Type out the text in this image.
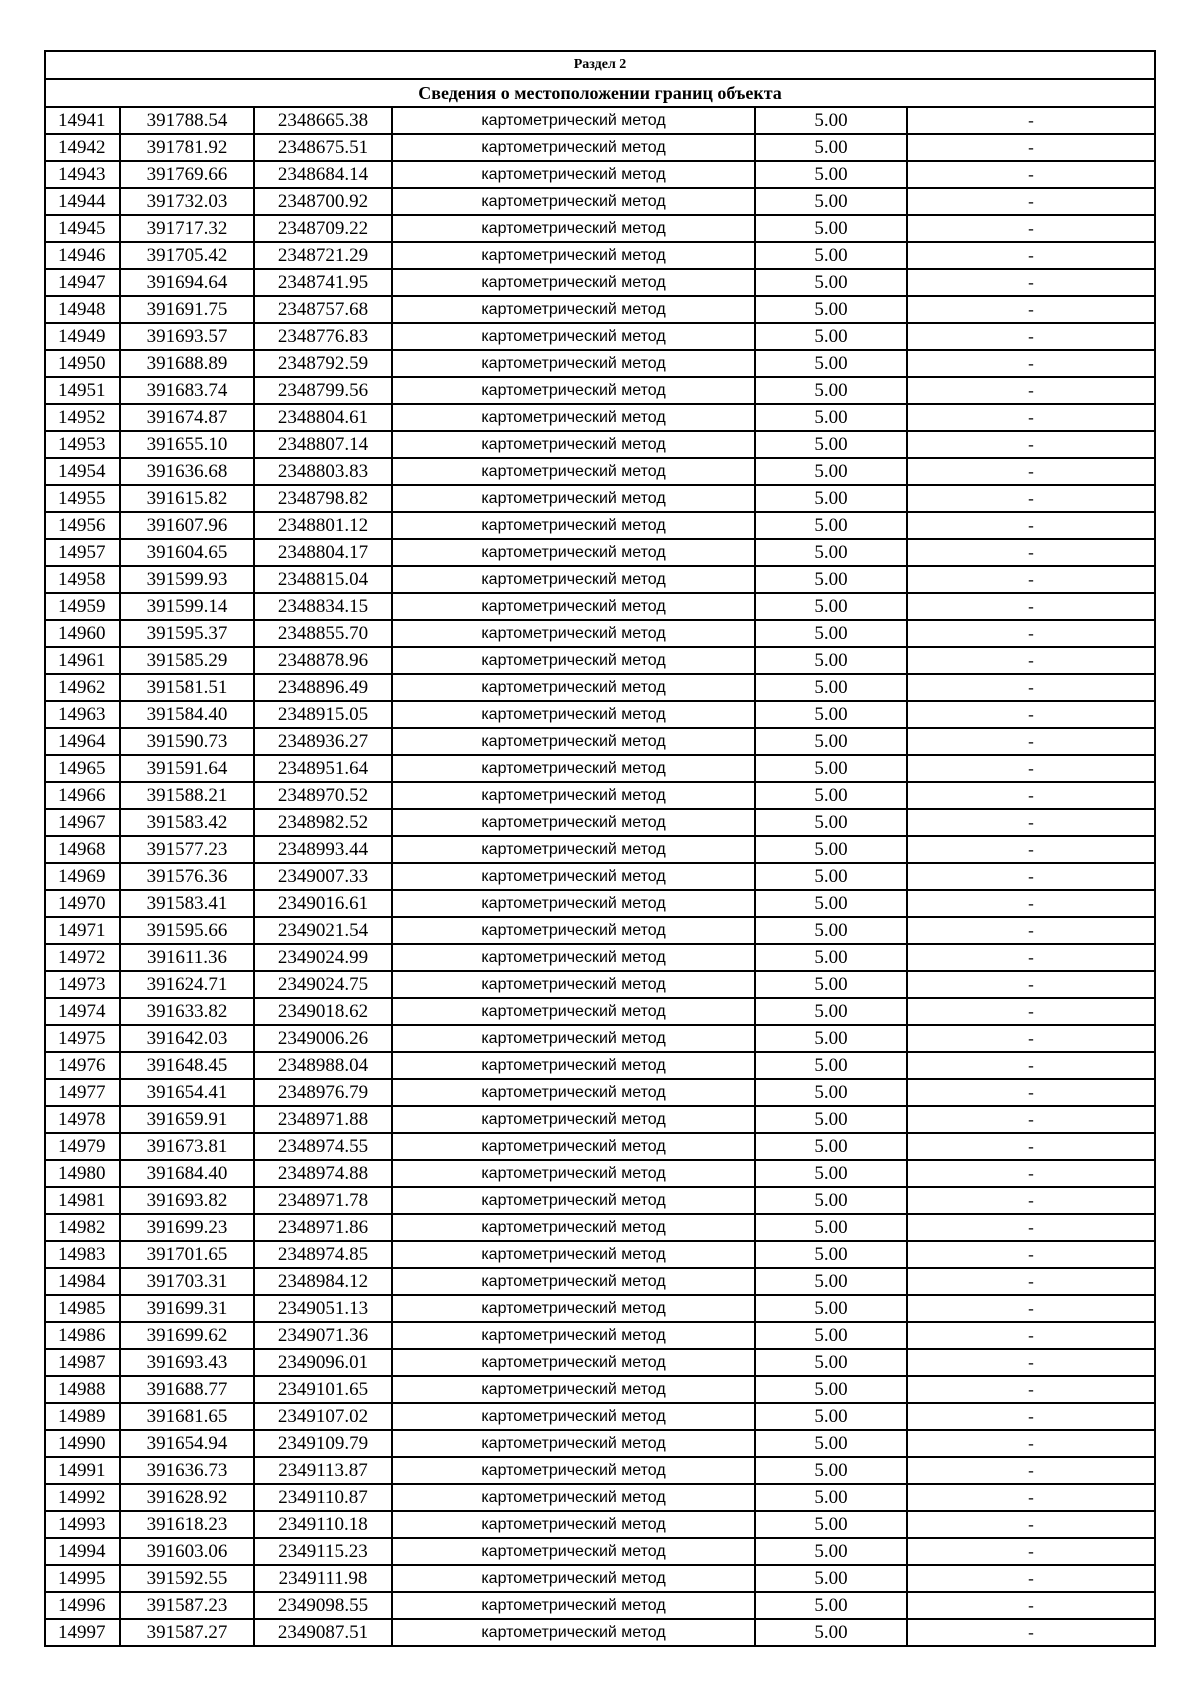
Раздел 2					
Сведения о местоположении границ объекта					
14941	391788.54	2348665.38	картометрический метод	5.00	-
14942	391781.92	2348675.51	картометрический метод	5.00	-
14943	391769.66	2348684.14	картометрический метод	5.00	-
14944	391732.03	2348700.92	картометрический метод	5.00	-
14945	391717.32	2348709.22	картометрический метод	5.00	-
14946	391705.42	2348721.29	картометрический метод	5.00	-
14947	391694.64	2348741.95	картометрический метод	5.00	-
14948	391691.75	2348757.68	картометрический метод	5.00	-
14949	391693.57	2348776.83	картометрический метод	5.00	-
14950	391688.89	2348792.59	картометрический метод	5.00	-
14951	391683.74	2348799.56	картометрический метод	5.00	-
14952	391674.87	2348804.61	картометрический метод	5.00	-
14953	391655.10	2348807.14	картометрический метод	5.00	-
14954	391636.68	2348803.83	картометрический метод	5.00	-
14955	391615.82	2348798.82	картометрический метод	5.00	-
14956	391607.96	2348801.12	картометрический метод	5.00	-
14957	391604.65	2348804.17	картометрический метод	5.00	-
14958	391599.93	2348815.04	картометрический метод	5.00	-
14959	391599.14	2348834.15	картометрический метод	5.00	-
14960	391595.37	2348855.70	картометрический метод	5.00	-
14961	391585.29	2348878.96	картометрический метод	5.00	-
14962	391581.51	2348896.49	картометрический метод	5.00	-
14963	391584.40	2348915.05	картометрический метод	5.00	-
14964	391590.73	2348936.27	картометрический метод	5.00	-
14965	391591.64	2348951.64	картометрический метод	5.00	-
14966	391588.21	2348970.52	картометрический метод	5.00	-
14967	391583.42	2348982.52	картометрический метод	5.00	-
14968	391577.23	2348993.44	картометрический метод	5.00	-
14969	391576.36	2349007.33	картометрический метод	5.00	-
14970	391583.41	2349016.61	картометрический метод	5.00	-
14971	391595.66	2349021.54	картометрический метод	5.00	-
14972	391611.36	2349024.99	картометрический метод	5.00	-
14973	391624.71	2349024.75	картометрический метод	5.00	-
14974	391633.82	2349018.62	картометрический метод	5.00	-
14975	391642.03	2349006.26	картометрический метод	5.00	-
14976	391648.45	2348988.04	картометрический метод	5.00	-
14977	391654.41	2348976.79	картометрический метод	5.00	-
14978	391659.91	2348971.88	картометрический метод	5.00	-
14979	391673.81	2348974.55	картометрический метод	5.00	-
14980	391684.40	2348974.88	картометрический метод	5.00	-
14981	391693.82	2348971.78	картометрический метод	5.00	-
14982	391699.23	2348971.86	картометрический метод	5.00	-
14983	391701.65	2348974.85	картометрический метод	5.00	-
14984	391703.31	2348984.12	картометрический метод	5.00	-
14985	391699.31	2349051.13	картометрический метод	5.00	-
14986	391699.62	2349071.36	картометрический метод	5.00	-
14987	391693.43	2349096.01	картометрический метод	5.00	-
14988	391688.77	2349101.65	картометрический метод	5.00	-
14989	391681.65	2349107.02	картометрический метод	5.00	-
14990	391654.94	2349109.79	картометрический метод	5.00	-
14991	391636.73	2349113.87	картометрический метод	5.00	-
14992	391628.92	2349110.87	картометрический метод	5.00	-
14993	391618.23	2349110.18	картометрический метод	5.00	-
14994	391603.06	2349115.23	картометрический метод	5.00	-
14995	391592.55	2349111.98	картометрический метод	5.00	-
14996	391587.23	2349098.55	картометрический метод	5.00	-
14997	391587.27	2349087.51	картометрический метод	5.00	-
